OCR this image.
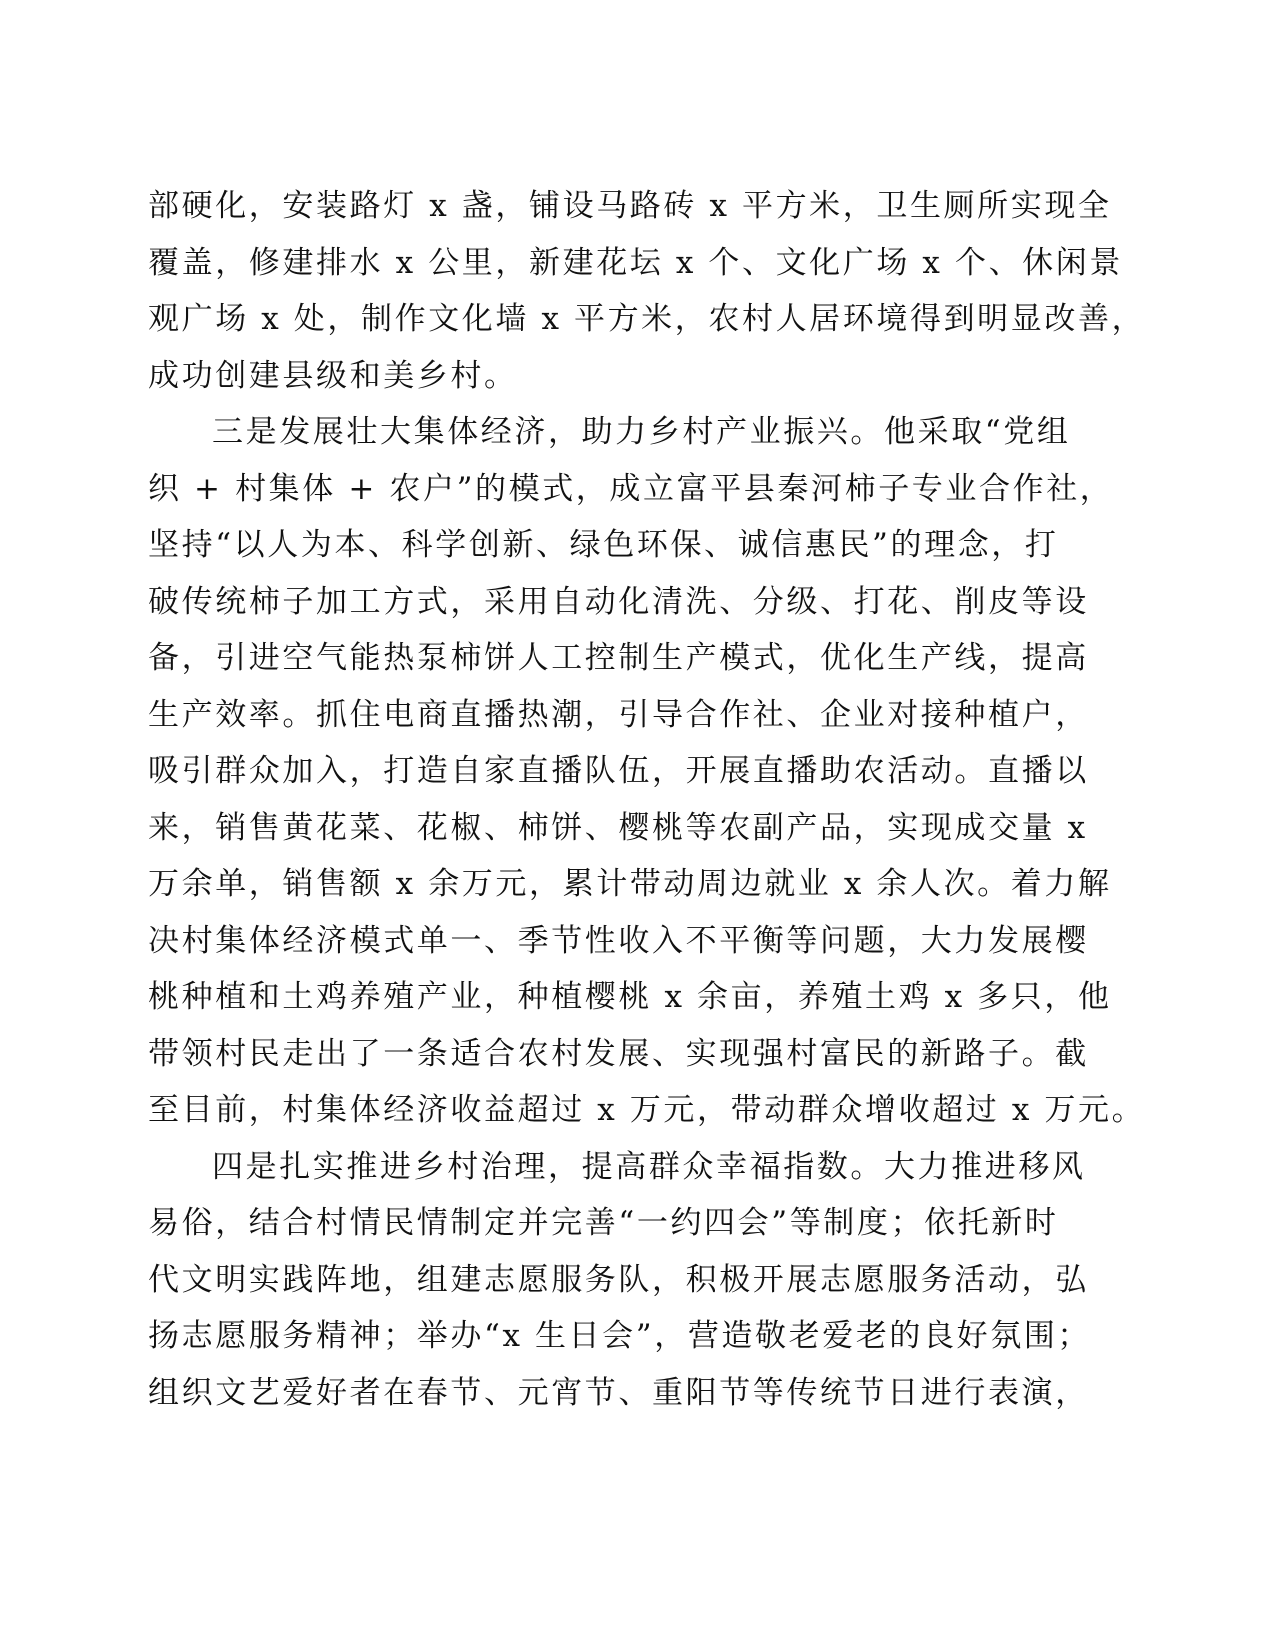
部硬化，安装路灯 x 盏，铺设马路砖 x 平方米，卫生厕所实现全
覆盖，修建排水 x 公里，新建花坛 x 个、文化广场 x 个、休闲景
观广场 x 处，制作文化墙 x 平方米，农村人居环境得到明显改善，
成功创建县级和美乡村。
三是发展壮大集体经济，助力乡村产业振兴。他采取“党组
织 + 村集体 + 农户”的模式，成立富平县秦河柿子专业合作社，
坚持“以人为本、科学创新、绿色环保、诚信惠民”的理念，打
破传统柿子加工方式，采用自动化清洗、分级、打花、削皮等设
备，引进空气能热泵柿饼人工控制生产模式，优化生产线，提高
生产效率。抓住电商直播热潮，引导合作社、企业对接种植户，
吸引群众加入，打造自家直播队伍，开展直播助农活动。直播以
来，销售黄花菜、花椒、柿饼、樱桃等农副产品，实现成交量 x
万余单，销售额 x 余万元，累计带动周边就业 x 余人次。着力解
决村集体经济模式单一、季节性收入不平衡等问题，大力发展樱
桃种植和土鸡养殖产业，种植樱桃 x 余亩，养殖土鸡 x 多只，他
带领村民走出了一条适合农村发展、实现强村富民的新路子。截
至目前，村集体经济收益超过 x 万元，带动群众增收超过 x 万元。
四是扎实推进乡村治理，提高群众幸福指数。大力推进移风
易俗，结合村情民情制定并完善“一约四会”等制度；依托新时
代文明实践阵地，组建志愿服务队，积极开展志愿服务活动，弘
扬志愿服务精神；举办“x 生日会”，营造敬老爱老的良好氛围；
组织文艺爱好者在春节、元宵节、重阳节等传统节日进行表演，
